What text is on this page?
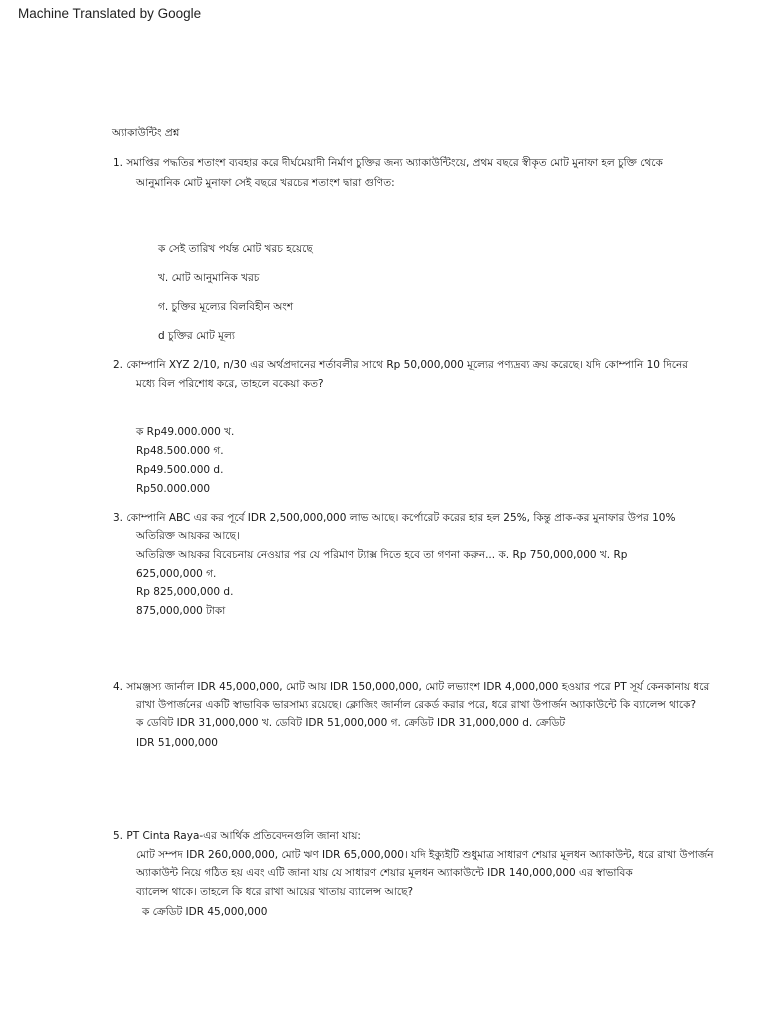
Machine Translated by Google
অ্যাকাউন্টিং প্রশ্ন
1. সমাপ্তির পদ্ধতির শতাংশ ব্যবহার করে দীর্ঘমেয়াদী নির্মাণ চুক্তির জন্য অ্যাকাউন্টিংয়ে, প্রথম বছরে স্বীকৃত মোট মুনাফা হল চুক্তি থেকে
আনুমানিক মোট মুনাফা সেই বছরে খরচের শতাংশ দ্বারা গুণিত:
ক সেই তারিখ পর্যন্ত মোট খরচ হয়েছে
খ. মোট আনুমানিক খরচ
গ. চুক্তির মূল্যের বিলবিহীন অংশ
d চুক্তির মোট মূল্য
2. কোম্পানি XYZ 2/10, n/30 এর অর্থপ্রদানের শর্তাবলীর সাথে Rp 50,000,000 মূল্যের পণ্যদ্রব্য ক্রয় করেছে। যদি কোম্পানি 10 দিনের
মধ্যে বিল পরিশোধ করে, তাহলে বকেয়া কত?
ক Rp49.000.000 খ.
Rp48.500.000 গ.
Rp49.500.000 d.
Rp50.000.000
3. কোম্পানি ABC এর কর পূর্বে IDR 2,500,000,000 লাভ আছে। কর্পোরেট করের হার হল 25%, কিন্তু প্রাক-কর মুনাফার উপর 10%
অতিরিক্ত আয়কর আছে।
অতিরিক্ত আয়কর বিবেচনায় নেওয়ার পর যে পরিমাণ ট্যাক্স দিতে হবে তা গণনা করুন... ক. Rp 750,000,000 খ. Rp
625,000,000 গ.
Rp 825,000,000 d.
875,000,000 টাকা
4. সামঞ্জস্য জার্নাল IDR 45,000,000, মোট আয় IDR 150,000,000, মোট লভ্যাংশ IDR 4,000,000 হওয়ার পরে PT সূর্য কেনকানায় ধরে
রাখা উপার্জনের একটি স্বাভাবিক ভারসাম্য রয়েছে। ক্লোজিং জার্নাল রেকর্ড করার পরে, ধরে রাখা উপার্জন অ্যাকাউন্টে কি ব্যালেন্স থাকে?
ক ডেবিট IDR 31,000,000 খ. ডেবিট IDR 51,000,000 গ. ক্রেডিট IDR 31,000,000 d. ক্রেডিট
IDR 51,000,000
5. PT Cinta Raya-এর আর্থিক প্রতিবেদনগুলি জানা যায়:
মোট সম্পদ IDR 260,000,000, মোট ঋণ IDR 65,000,000। যদি ইক্যুইটি শুধুমাত্র সাধারণ শেয়ার মূলধন অ্যাকাউন্ট, ধরে রাখা উপার্জন
অ্যাকাউন্ট নিয়ে গঠিত হয় এবং এটি জানা যায় যে সাধারণ শেয়ার মূলধন অ্যাকাউন্টে IDR 140,000,000 এর স্বাভাবিক
ব্যালেন্স থাকে। তাহলে কি ধরে রাখা আয়ের খাতায় ব্যালেন্স আছে?
ক ক্রেডিট IDR 45,000,000
